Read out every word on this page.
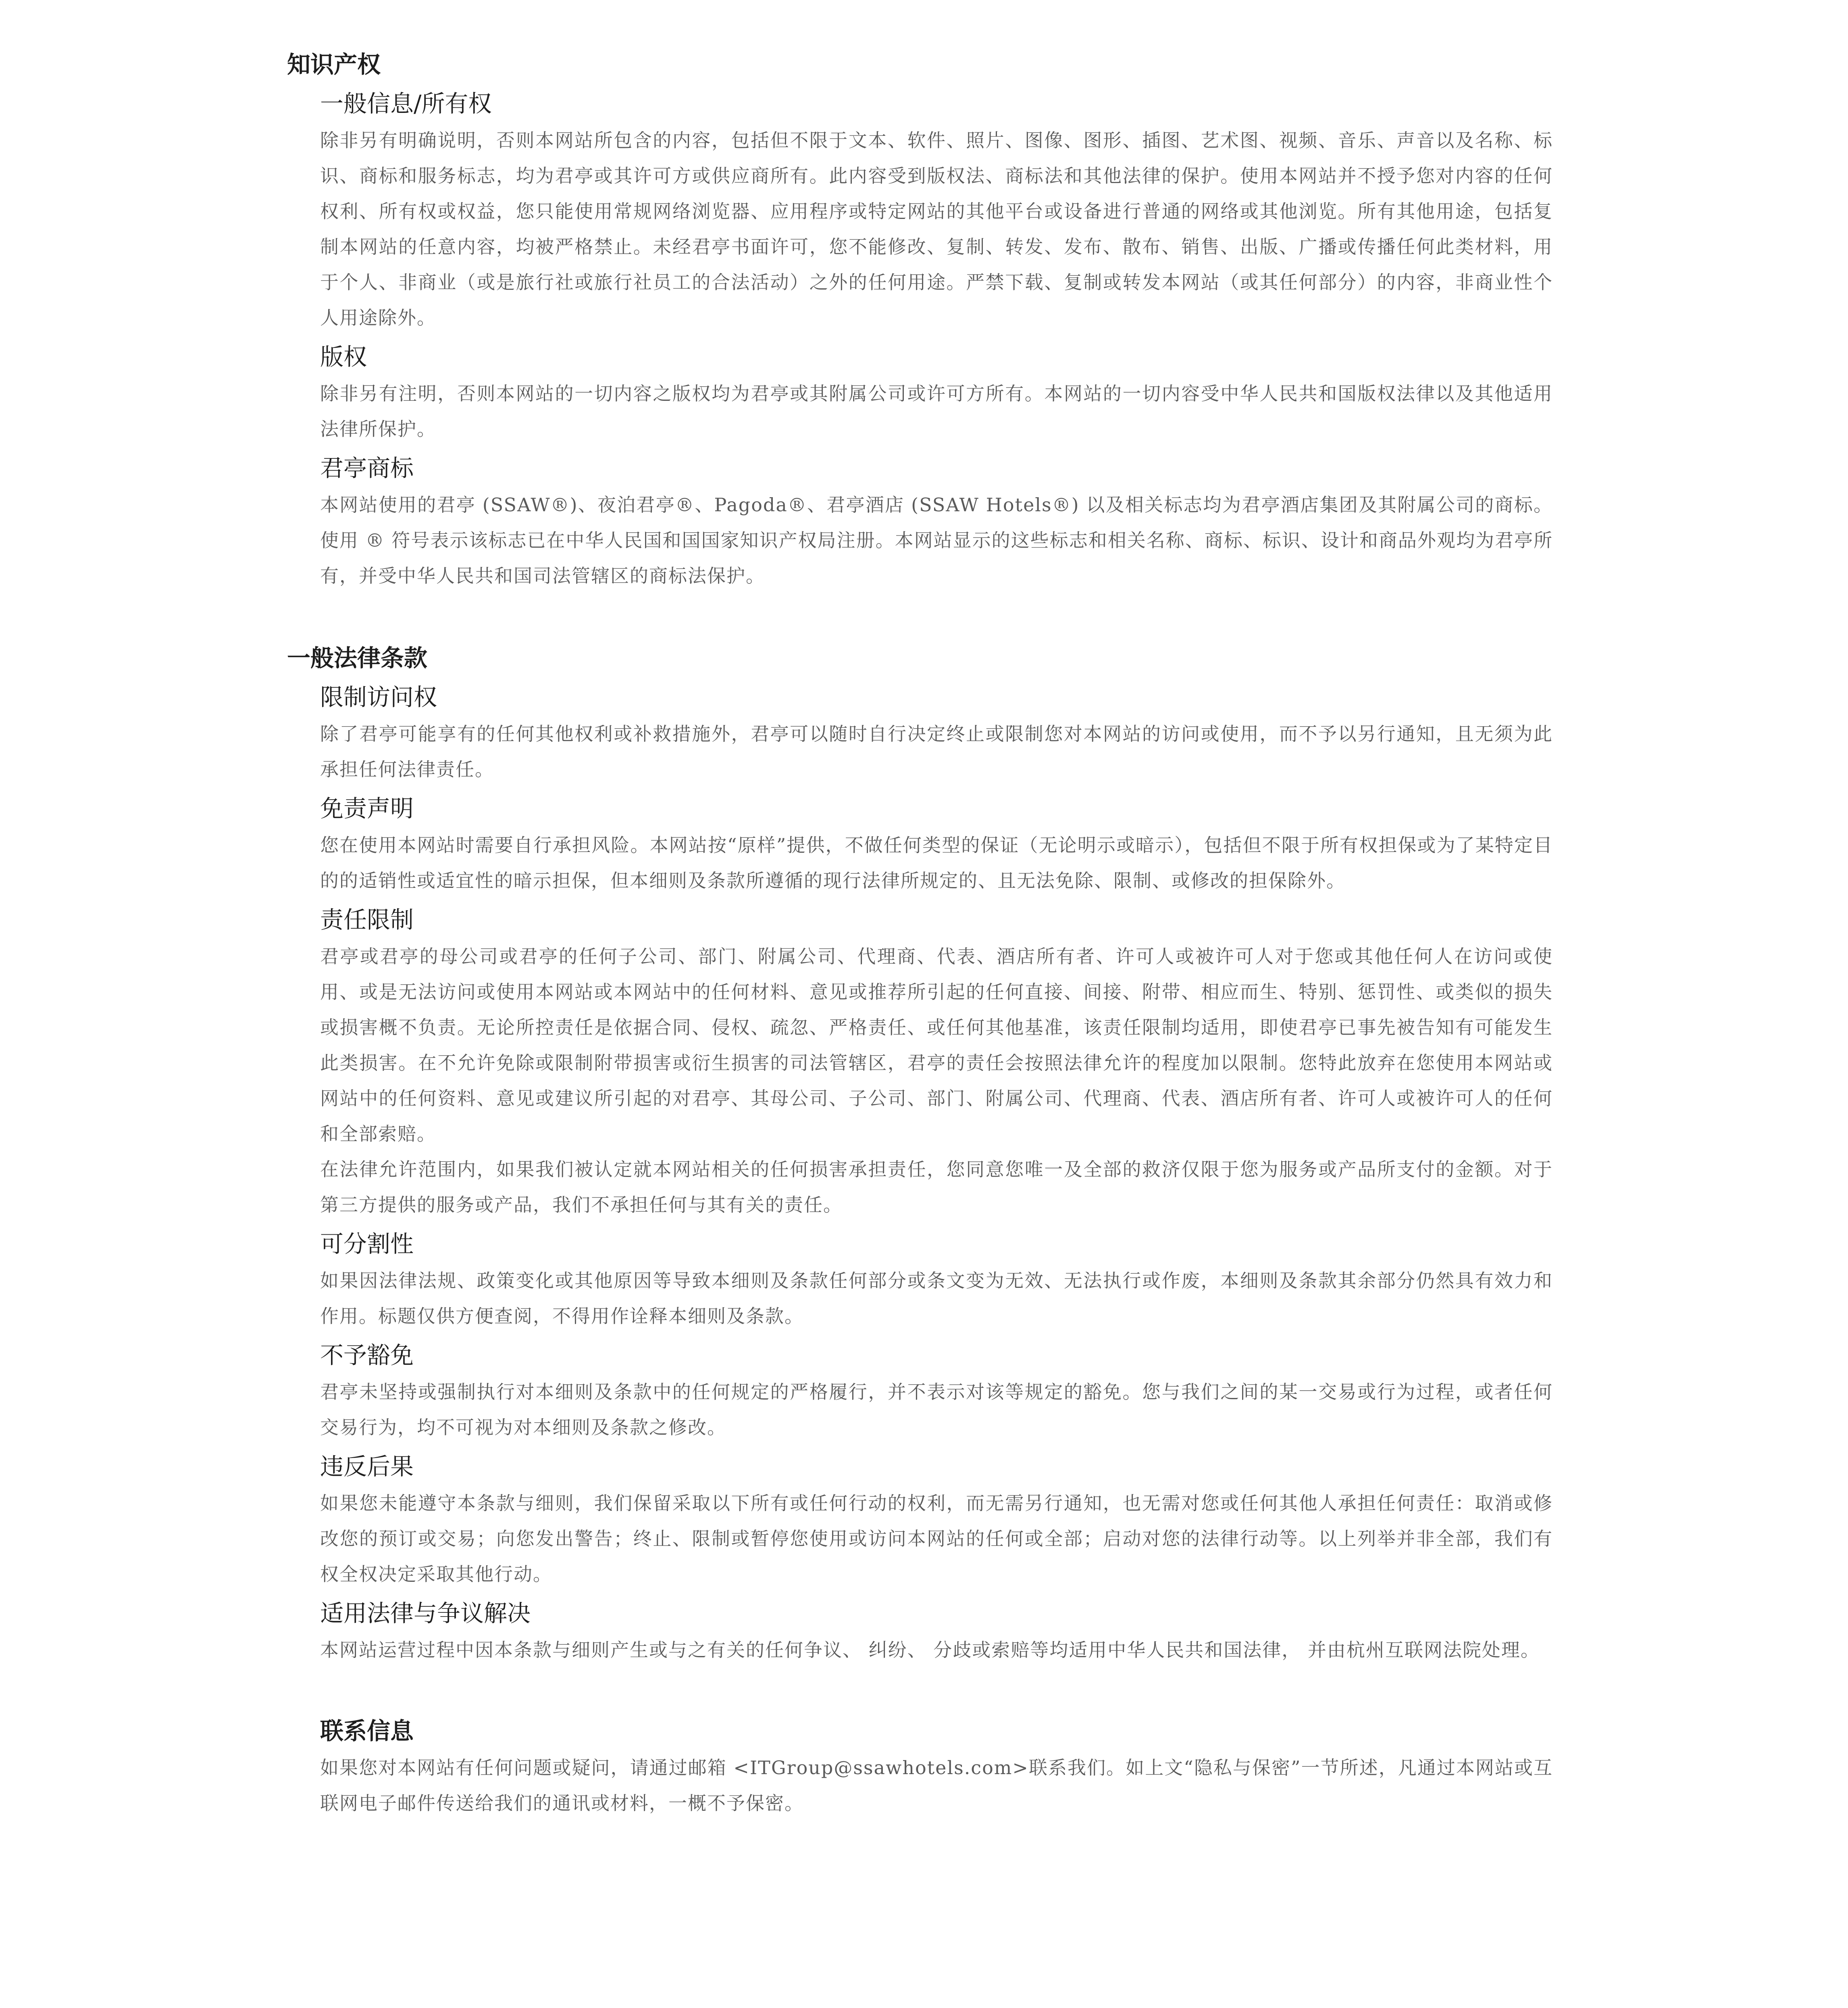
知识产权
一般信息/所有权

除非另有明确说明，否则本网站所包含的内容，包括但不限于文本、软件、照片、图像、图形、插图、艺术图、视频、音乐、声音以及名称、标识、商标和服务标志，均为君亭或其许可方或供应商所有。此内容受到版权法、商标法和其他法律的保护。使用本网站并不授予您对内容的任何权利、所有权或权益，您只能使用常规网络浏览器、应用程序或特定网站的其他平台或设备进行普通的网络或其他浏览。所有其他用途，包括复制本网站的任意内容，均被严格禁止。未经君亭书面许可，您不能修改、复制、转发、发布、散布、销售、出版、广播或传播任何此类材料，用于个人、非商业（或是旅行社或旅行社员工的合法活动）之外的任何用途。严禁下载、复制或转发本网站（或其任何部分）的内容，非商业性个人用途除外。

版权

除非另有注明，否则本网站的一切内容之版权均为君亭或其附属公司或许可方所有。本网站的一切内容受中华人民共和国版权法律以及其他适用法律所保护。

君亭商标

本网站使用的君亭 (SSAW®)、夜泊君亭®、Pagoda®、君亭酒店 (SSAW Hotels®) 以及相关标志均为君亭酒店集团及其附属公司的商标。使用 ® 符号表示该标志已在中华人民国和国国家知识产权局注册。本网站显示的这些标志和相关名称、商标、标识、设计和商品外观均为君亭所有，并受中华人民共和国司法管辖区的商标法保护。

一般法律条款
限制访问权

除了君亭可能享有的任何其他权利或补救措施外，君亭可以随时自行决定终止或限制您对本网站的访问或使用，而不予以另行通知，且无须为此承担任何法律责任。

免责声明

您在使用本网站时需要自行承担风险。本网站按“原样”提供，不做任何类型的保证（无论明示或暗示），包括但不限于所有权担保或为了某特定目的的适销性或适宜性的暗示担保，但本细则及条款所遵循的现行法律所规定的、且无法免除、限制、或修改的担保除外。

责任限制

君亭或君亭的母公司或君亭的任何子公司、部门、附属公司、代理商、代表、酒店所有者、许可人或被许可人对于您或其他任何人在访问或使用、或是无法访问或使用本网站或本网站中的任何材料、意见或推荐所引起的任何直接、间接、附带、相应而生、特别、惩罚性、或类似的损失或损害概不负责。无论所控责任是依据合同、侵权、疏忽、严格责任、或任何其他基准，该责任限制均适用，即使君亭已事先被告知有可能发生此类损害。在不允许免除或限制附带损害或衍生损害的司法管辖区，君亭的责任会按照法律允许的程度加以限制。您特此放弃在您使用本网站或网站中的任何资料、意见或建议所引起的对君亭、其母公司、子公司、部门、附属公司、代理商、代表、酒店所有者、许可人或被许可人的任何和全部索赔。

在法律允许范围内，如果我们被认定就本网站相关的任何损害承担责任，您同意您唯一及全部的救济仅限于您为服务或产品所支付的金额。对于第三方提供的服务或产品，我们不承担任何与其有关的责任。

可分割性

如果因法律法规、政策变化或其他原因等导致本细则及条款任何部分或条文变为无效、无法执行或作废，本细则及条款其余部分仍然具有效力和作用。标题仅供方便查阅，不得用作诠释本细则及条款。

不予豁免

君亭未坚持或强制执行对本细则及条款中的任何规定的严格履行，并不表示对该等规定的豁免。您与我们之间的某一交易或行为过程，或者任何交易行为，均不可视为对本细则及条款之修改。

违反后果

如果您未能遵守本条款与细则，我们保留采取以下所有或任何行动的权利，而无需另行通知，也无需对您或任何其他人承担任何责任：取消或修改您的预订或交易；向您发出警告；终止、限制或暂停您使用或访问本网站的任何或全部；启动对您的法律行动等。以上列举并非全部，我们有权全权决定采取其他行动。

适用法律与争议解决

本网站运营过程中因本条款与细则产生或与之有关的任何争议、 纠纷、 分歧或索赔等均适用中华人民共和国法律， 并由杭州互联网法院处理。

联系信息

如果您对本网站有任何问题或疑问，请通过邮箱 <ITGroup@ssawhotels.com>联系我们。如上文“隐私与保密”一节所述，凡通过本网站或互联网电子邮件传送给我们的通讯或材料，一概不予保密。
